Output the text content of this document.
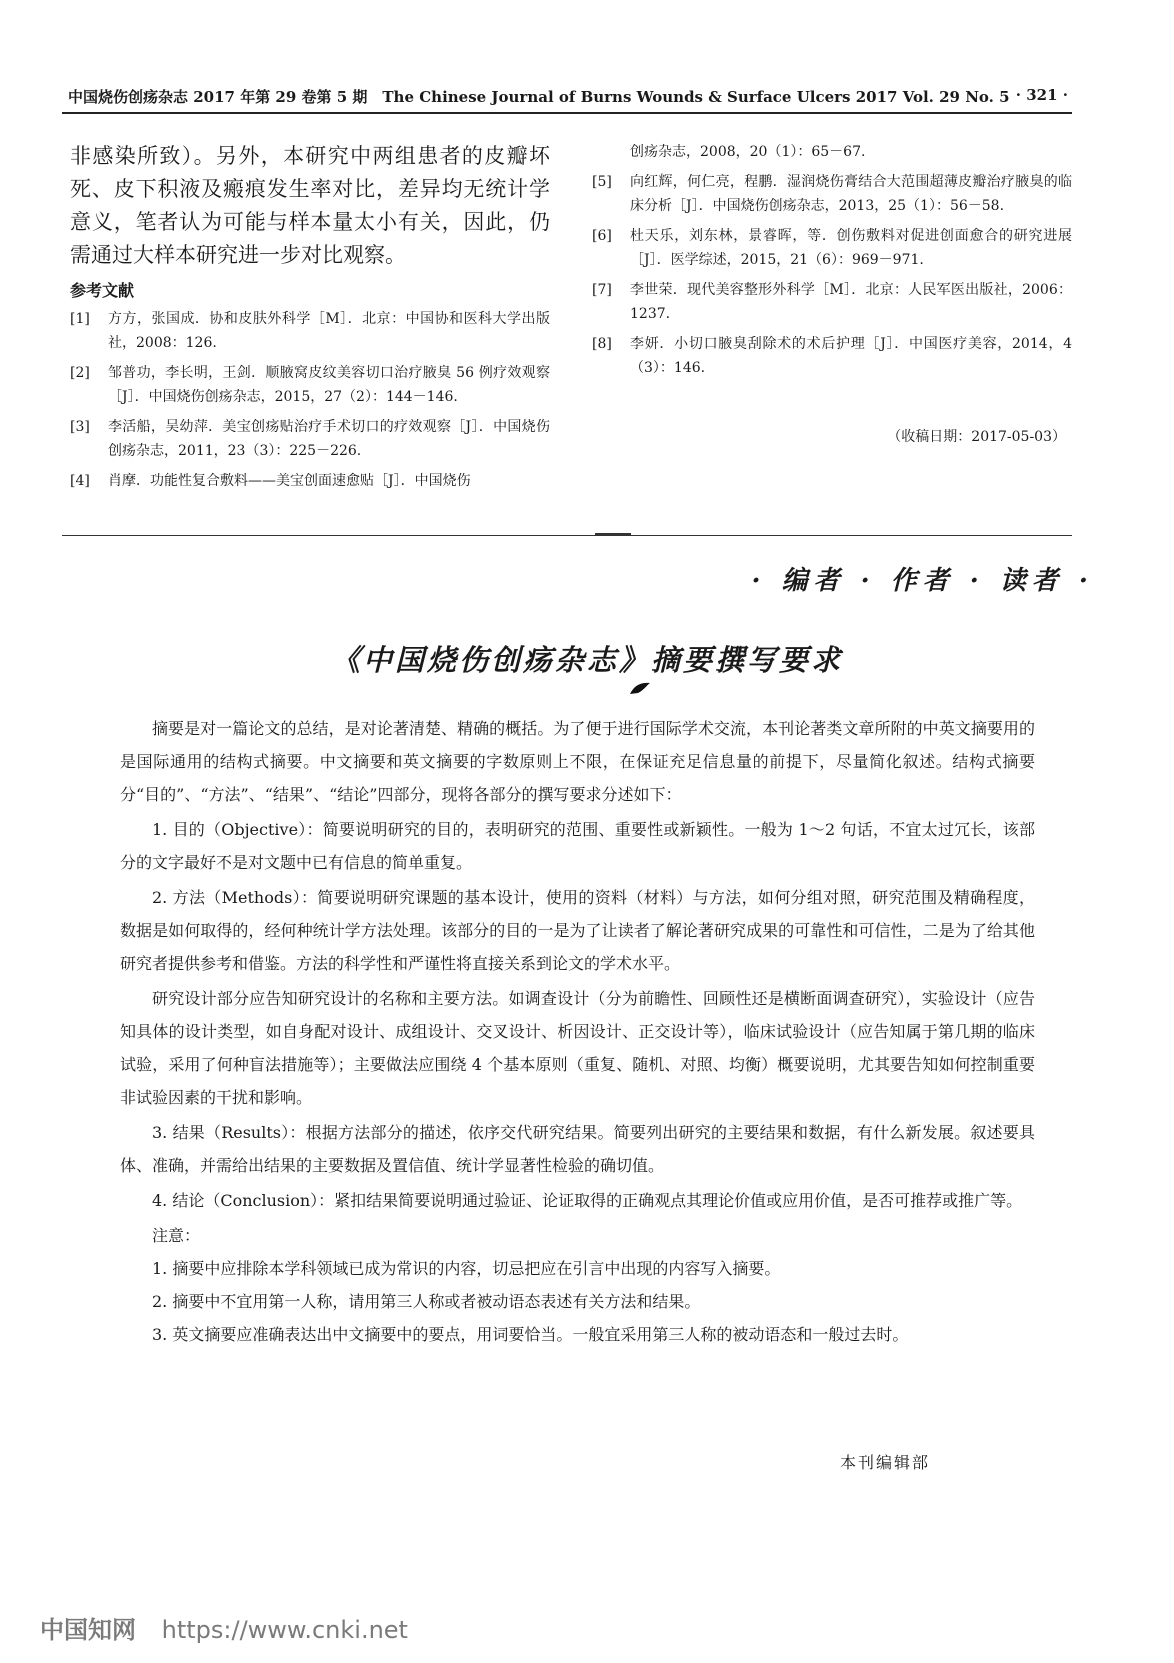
中国烧伤创疡杂志 2017 年第 29 卷第 5 期　The Chinese Journal of Burns Wounds & Surface Ulcers 2017 Vol. 29 No. 5 · 321 ·

非感染所致）。另外，本研究中两组患者的皮瓣坏死、皮下积液及瘢痕发生率对比，差异均无统计学意义，笔者认为可能与样本量太小有关，因此，仍需通过大样本研究进一步对比观察。

参考文献
[1] 方方，张国成．协和皮肤外科学［M］．北京：中国协和医科大学出版社，2008：126.
[2] 邹普功，李长明，王剑．顺腋窝皮纹美容切口治疗腋臭 56 例疗效观察［J］．中国烧伤创疡杂志，2015，27（2）：144－146.
[3] 李活船，吴幼萍．美宝创疡贴治疗手术切口的疗效观察［J］．中国烧伤创疡杂志，2011，23（3）：225－226.
[4] 肖摩．功能性复合敷料——美宝创面速愈贴［J］．中国烧伤
创疡杂志，2008，20（1）：65－67.
[5] 向红辉，何仁亮，程鹏．湿润烧伤膏结合大范围超薄皮瓣治疗腋臭的临床分析［J］．中国烧伤创疡杂志，2013，25（1）：56－58.
[6] 杜天乐，刘东林，景睿晖，等．创伤敷料对促进创面愈合的研究进展［J］．医学综述，2015，21（6）：969－971.
[7] 李世荣．现代美容整形外科学［M］．北京：人民军医出版社，2006：1237.
[8] 李妍．小切口腋臭刮除术的术后护理［J］．中国医疗美容，2014，4（3）：146.
（收稿日期：2017-05-03）
· 编者 · 作者 · 读者 ·
《中国烧伤创疡杂志》摘要撰写要求

摘要是对一篇论文的总结，是对论著清楚、精确的概括。为了便于进行国际学术交流，本刊论著类文章所附的中英文摘要用的是国际通用的结构式摘要。中文摘要和英文摘要的字数原则上不限，在保证充足信息量的前提下，尽量简化叙述。结构式摘要分“目的”、“方法”、“结果”、“结论”四部分，现将各部分的撰写要求分述如下：

1. 目的（Objective）：简要说明研究的目的，表明研究的范围、重要性或新颖性。一般为 1～2 句话，不宜太过冗长，该部分的文字最好不是对文题中已有信息的简单重复。

2. 方法（Methods）：简要说明研究课题的基本设计，使用的资料（材料）与方法，如何分组对照，研究范围及精确程度，数据是如何取得的，经何种统计学方法处理。该部分的目的一是为了让读者了解论著研究成果的可靠性和可信性，二是为了给其他研究者提供参考和借鉴。方法的科学性和严谨性将直接关系到论文的学术水平。

研究设计部分应告知研究设计的名称和主要方法。如调查设计（分为前瞻性、回顾性还是横断面调查研究），实验设计（应告知具体的设计类型，如自身配对设计、成组设计、交叉设计、析因设计、正交设计等），临床试验设计（应告知属于第几期的临床试验，采用了何种盲法措施等）；主要做法应围绕 4 个基本原则（重复、随机、对照、均衡）概要说明，尤其要告知如何控制重要非试验因素的干扰和影响。

3. 结果（Results）：根据方法部分的描述，依序交代研究结果。简要列出研究的主要结果和数据，有什么新发展。叙述要具体、准确，并需给出结果的主要数据及置信值、统计学显著性检验的确切值。

4. 结论（Conclusion）：紧扣结果简要说明通过验证、论证取得的正确观点其理论价值或应用价值，是否可推荐或推广等。

注意：

1. 摘要中应排除本学科领域已成为常识的内容，切忌把应在引言中出现的内容写入摘要。

2. 摘要中不宜用第一人称，请用第三人称或者被动语态表述有关方法和结果。

3. 英文摘要应准确表达出中文摘要中的要点，用词要恰当。一般宜采用第三人称的被动语态和一般过去时。

本刊编辑部
中国知网 https://www.cnki.net
